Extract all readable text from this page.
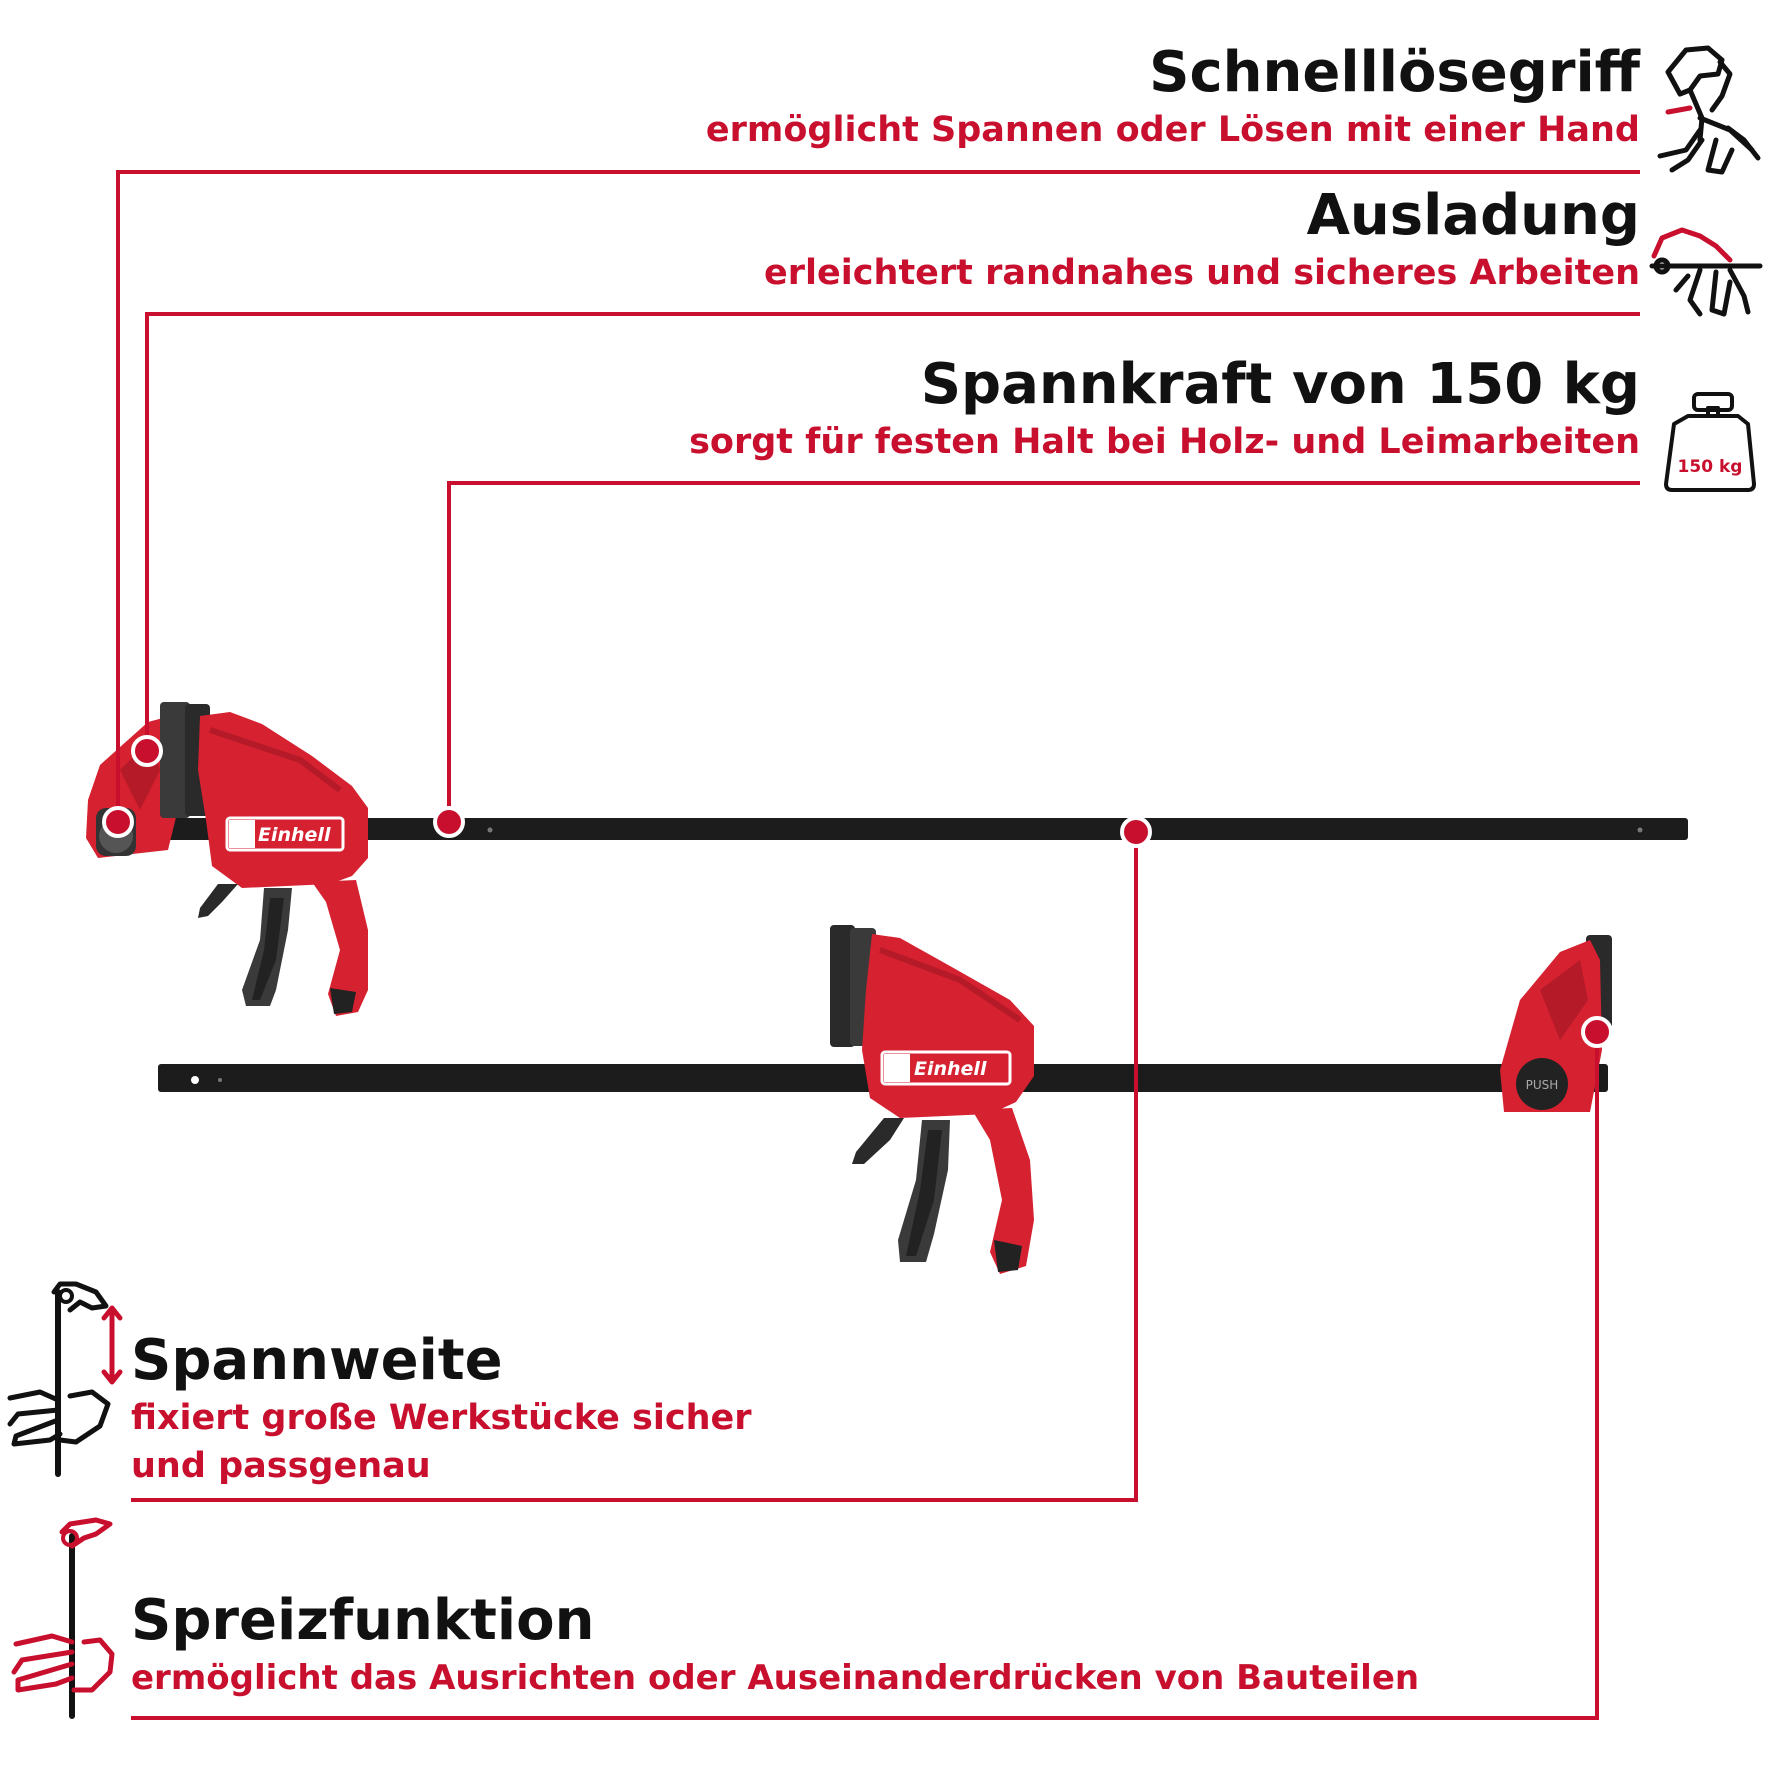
Einhell
Einhell
PUSH
150 kg
Schnelllösegriff
ermöglicht Spannen oder Lösen mit einer Hand
Ausladung
erleichtert randnahes und sicheres Arbeiten
Spannkraft von 150 kg
sorgt für festen Halt bei Holz- und Leimarbeiten
Spannweite
fixiert große Werkstücke sicher
und passgenau
Spreizfunktion
ermöglicht das Ausrichten oder Auseinanderdrücken von Bauteilen
